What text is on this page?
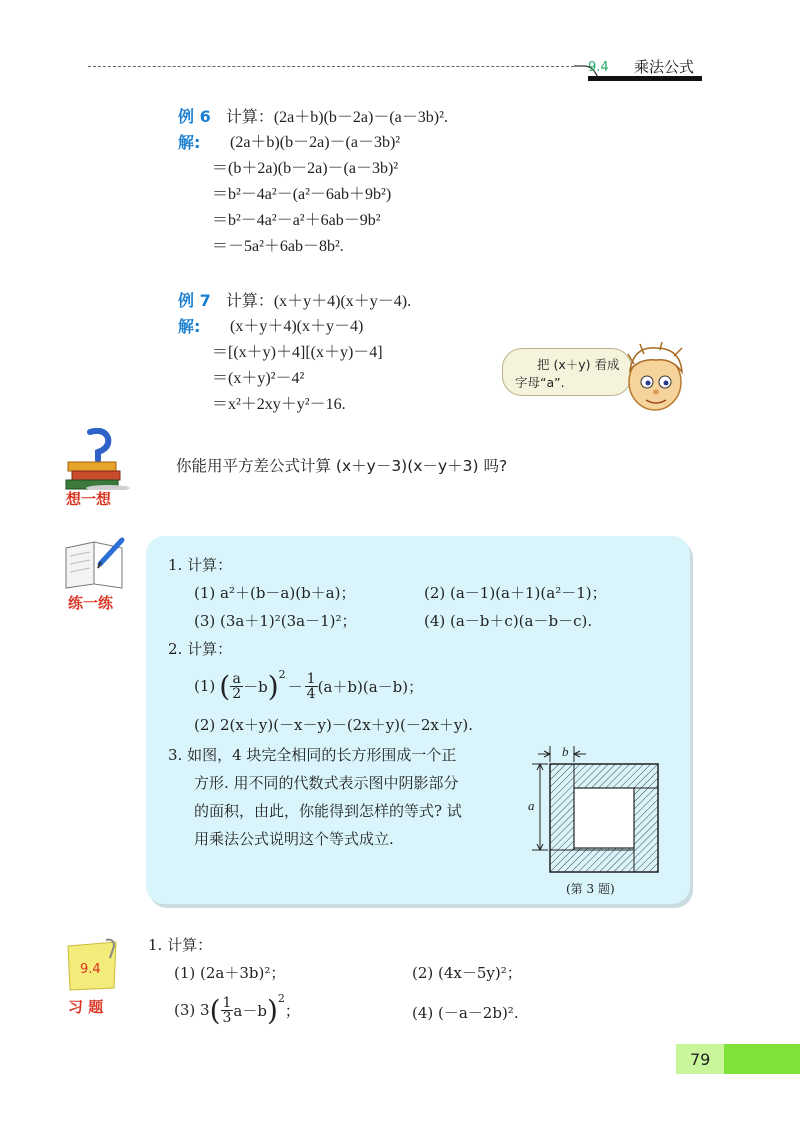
9.4 乘法公式
例 6 计算：(2a＋b)(b－2a)－(a－3b)².
解: (2a＋b)(b－2a)－(a－3b)²
＝(b＋2a)(b－2a)－(a－3b)²
＝b²－4a²－(a²－6ab＋9b²)
＝b²－4a²－a²＋6ab－9b²
＝－5a²＋6ab－8b².
例 7 计算：(x＋y＋4)(x＋y－4).
解: (x＋y＋4)(x＋y－4)
＝[(x＋y)＋4][(x＋y)－4]
＝(x＋y)²－4²
＝x²＋2xy＋y²－16.
把 (x＋y) 看成
字母“a”.
想一想
你能用平方差公式计算 (x＋y－3)(x－y＋3) 吗?
练一练
1. 计算：
(1) a²＋(b－a)(b＋a)；	(2) (a－1)(a＋1)(a²－1)；
(3) (3a＋1)²(3a－1)²；	(4) (a－b＋c)(a－b－c).
2. 计算：
(1) ( $\frac{a}{2} -b$ )$^2$
－ $\frac{1}{4} (a+b)(a-b)$；
(2) 2(x＋y)(－x－y)－(2x＋y)(－2x＋y).
3. 如图，4 块完全相同的长方形围成一个正
方形. 用不同的代数式表示图中阴影部分
的面积，由此，你能得到怎样的等式? 试
用乘法公式说明这个等式成立.
b
a
(第 3 题)
9.4
习 题
1. 计算：
(1) (2a＋3b)²；	(2) (4x－5y)²；
(3) 3 ( $\frac{1}{3} a-b$ )$^2$
；	(4) (－a－2b)².
79
